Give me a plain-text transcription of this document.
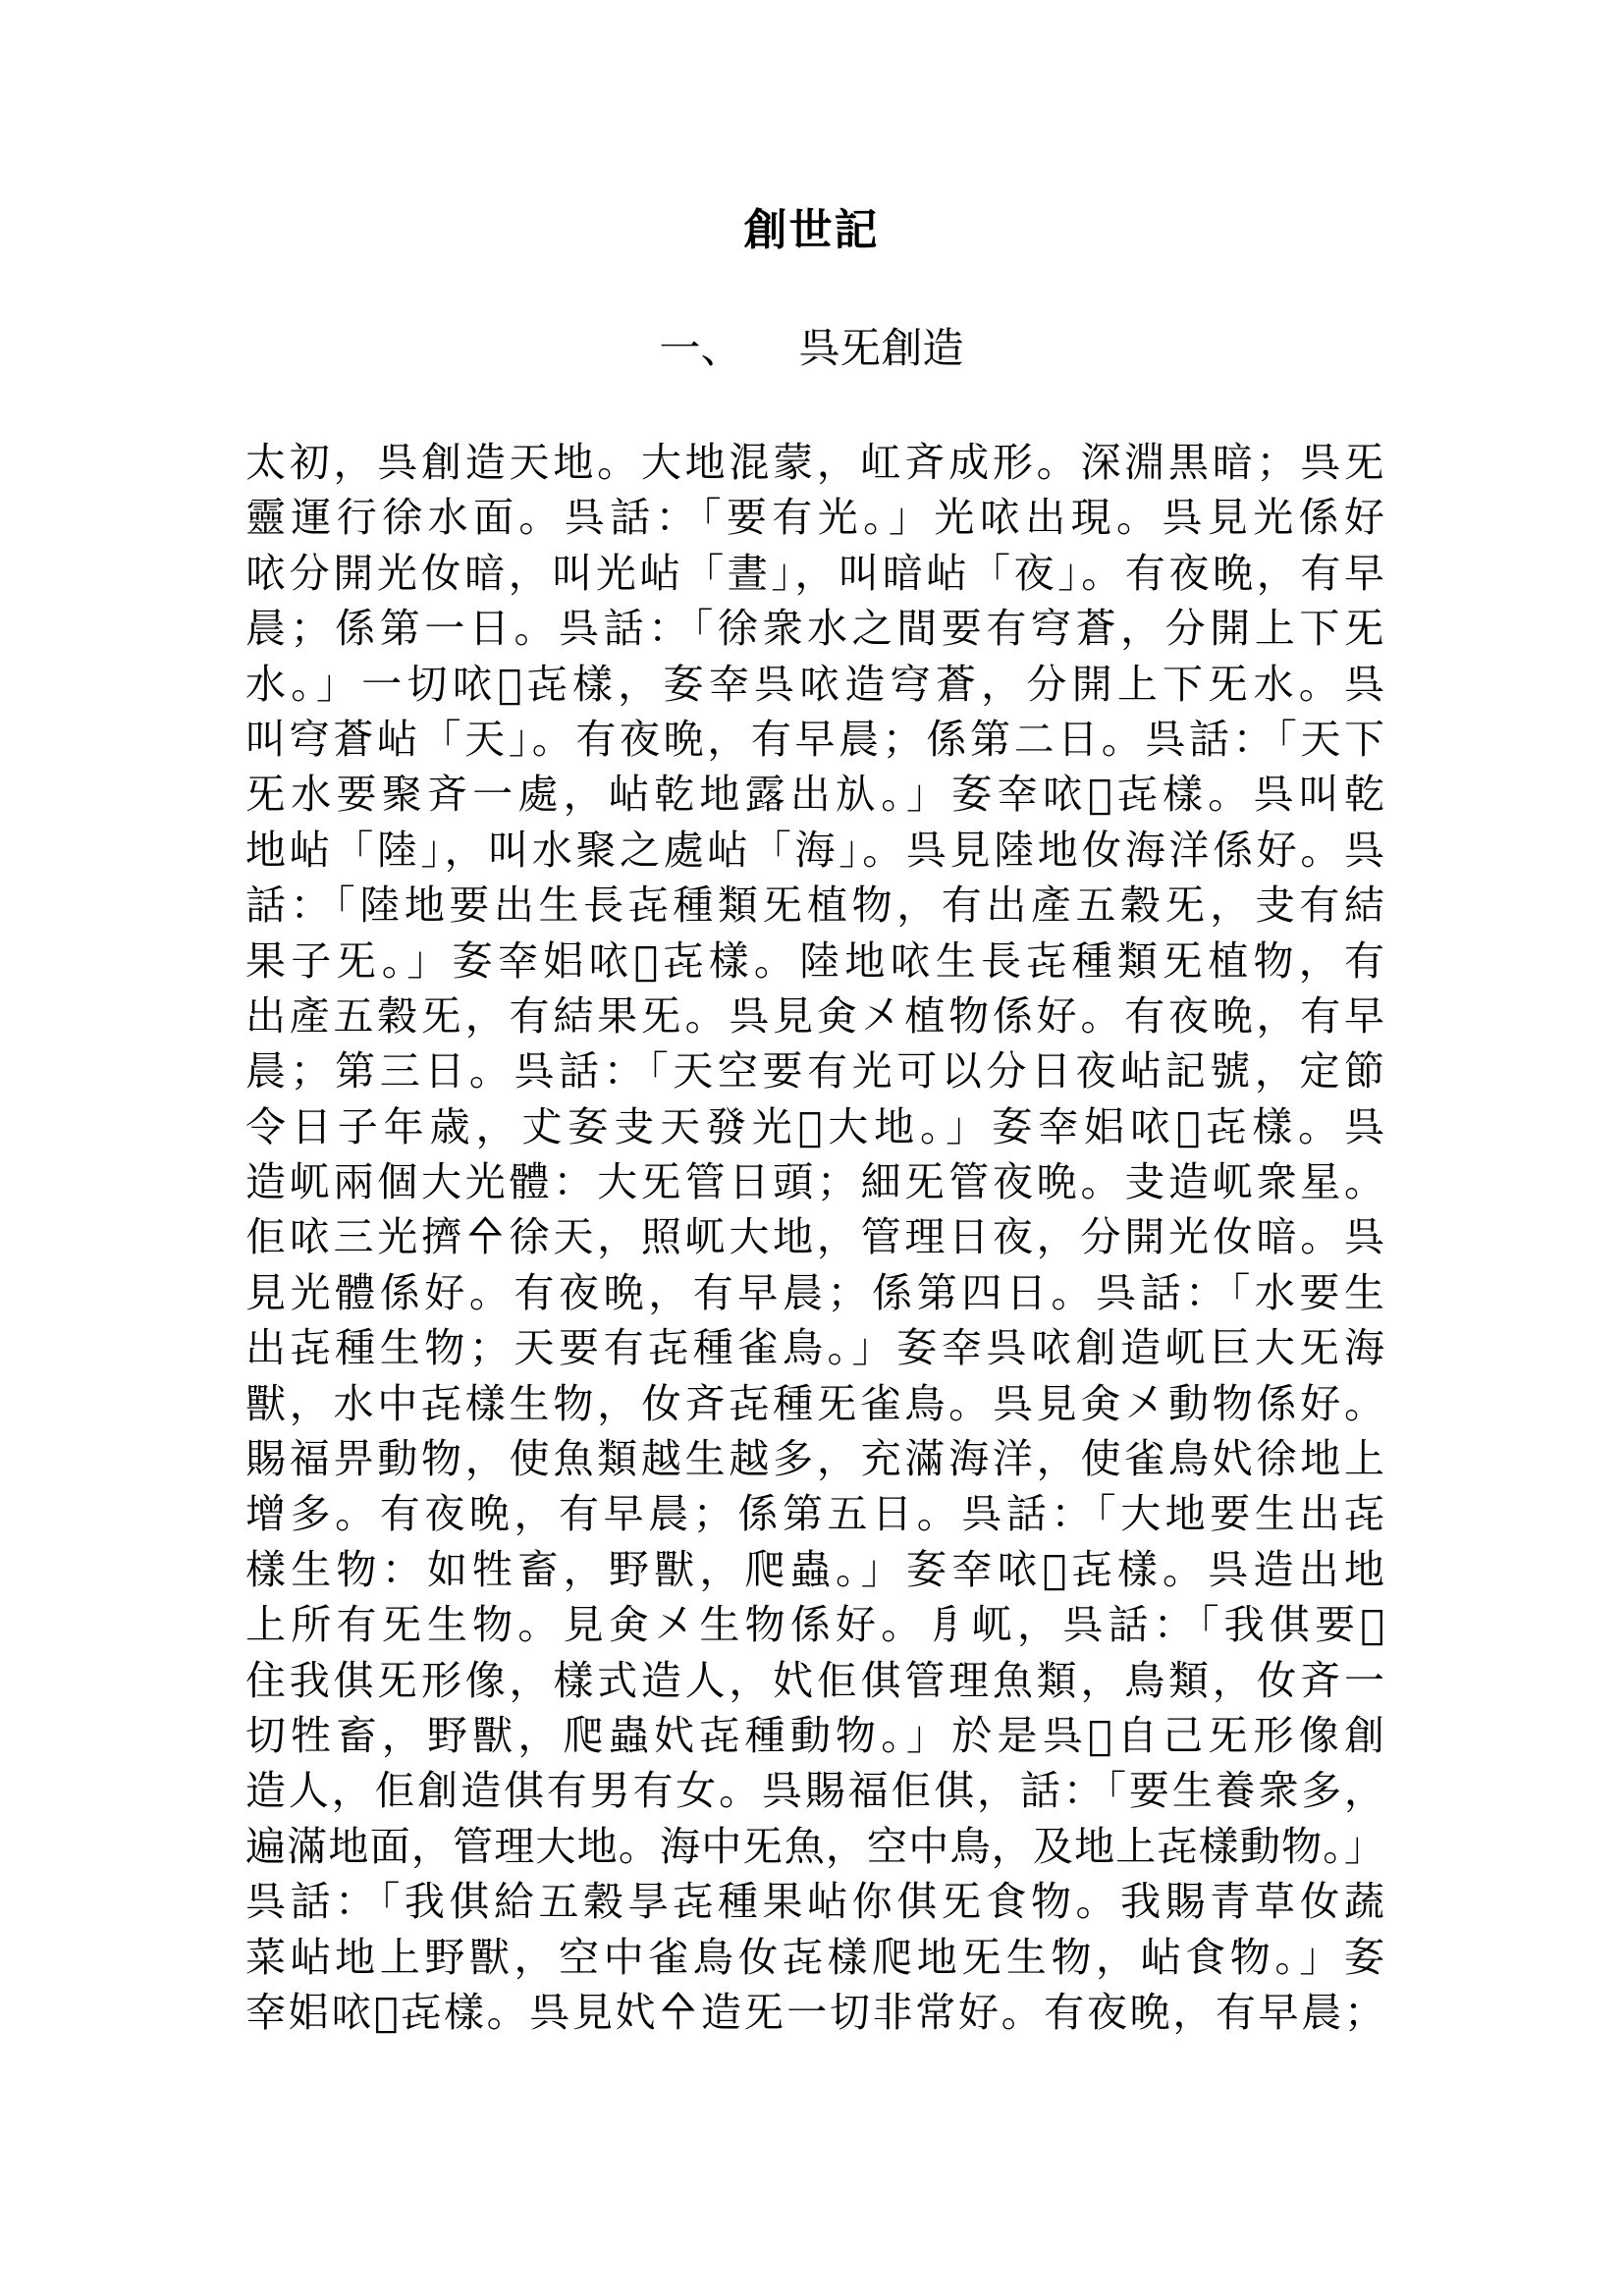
創世記
一、 呉旡創造
太初，呉創造天地。大地混蒙，屸斉成形。深淵黒暗；呉旡
靈運行徐水面。呉話：「要有光。」光𠲖出現。呉見光係好
𠲖分開光㚢暗，叫光岾「晝」，叫暗岾「夜」。有夜晩，有早
晨；係第一日。呉話：「徐衆水之間要有穹蒼，分開上下旡
水。」一切𠲖𠃧㐂樣，㚣㚔呉𠲖造穹蒼，分開上下旡水。呉
叫穹蒼岾「天」。有夜晩，有早晨；係第二日。呉話：「天下
旡水要聚斉一處，岾乾地露出㫃。」㚣㚔𠲖𠃧㐂樣。呉叫乾
地岾「陸」，叫水聚之處岾「海」。呉見陸地㚢海洋係好。呉
話：「陸地要出生長㐂種類旡植物，有出產五穀旡，叏有結
果子旡。」㚣㚔㚶𠲖𠃧㐂樣。陸地𠲖生長㐂種類旡植物，有
出產五穀旡，有結果旡。呉見㑒㐅植物係好。有夜晩，有早
晨；第三日。呉話：「天空要有光可以分日夜岾記號，定節
令日子年歳，𠀋㚣叏天發光𠃧大地。」㚣㚔㚶𠲖𠃧㐂樣。呉
造屼兩個大光體：大旡管日頭；細旡管夜晩。叏造屼衆星。
佢𠲖三光擠㐃徐天，照屼大地，管理日夜，分開光㚢暗。呉
見光體係好。有夜晩，有早晨；係第四日。呉話：「水要生
出㐂種生物；天要有㐂種雀鳥。」㚣㚔呉𠲖創造屼巨大旡海
獸，水中㐂樣生物，㚢斉㐂種旡雀鳥。呉見㑒㐅動物係好。
賜福畀動物，使魚類越生越多，充滿海洋，使雀鳥㚤徐地上
增多。有夜晩，有早晨；係第五日。呉話：「大地要生出㐂
樣生物：如牲畜，野獸，爬蟲。」㚣㚔𠲖𠃧㐂樣。呉造出地
上所有旡生物。見㑒㐅生物係好。㐆屼，呉話：「我倛要𠃧
住我倛旡形像，樣式造人，㚤佢倛管理魚類，鳥類，㚢斉一
切牲畜，野獸，爬蟲㚤㐂種動物。」於是呉𠃧自己旡形像創
造人，佢創造倛有男有女。呉賜福佢倛，話：「要生養衆多，
遍滿地面，管理大地。海中旡魚，空中鳥，及地上㐂樣動物。」
呉話：「我倛給五穀㫗㐂種果岾你倛旡食物。我賜青草㚢蔬
菜岾地上野獸，空中雀鳥㚢㐂樣爬地旡生物，岾食物。」㚣
㚔㚶𠲖𠃧㐂樣。呉見㚤㐃造旡一切非常好。有夜晩，有早晨；
